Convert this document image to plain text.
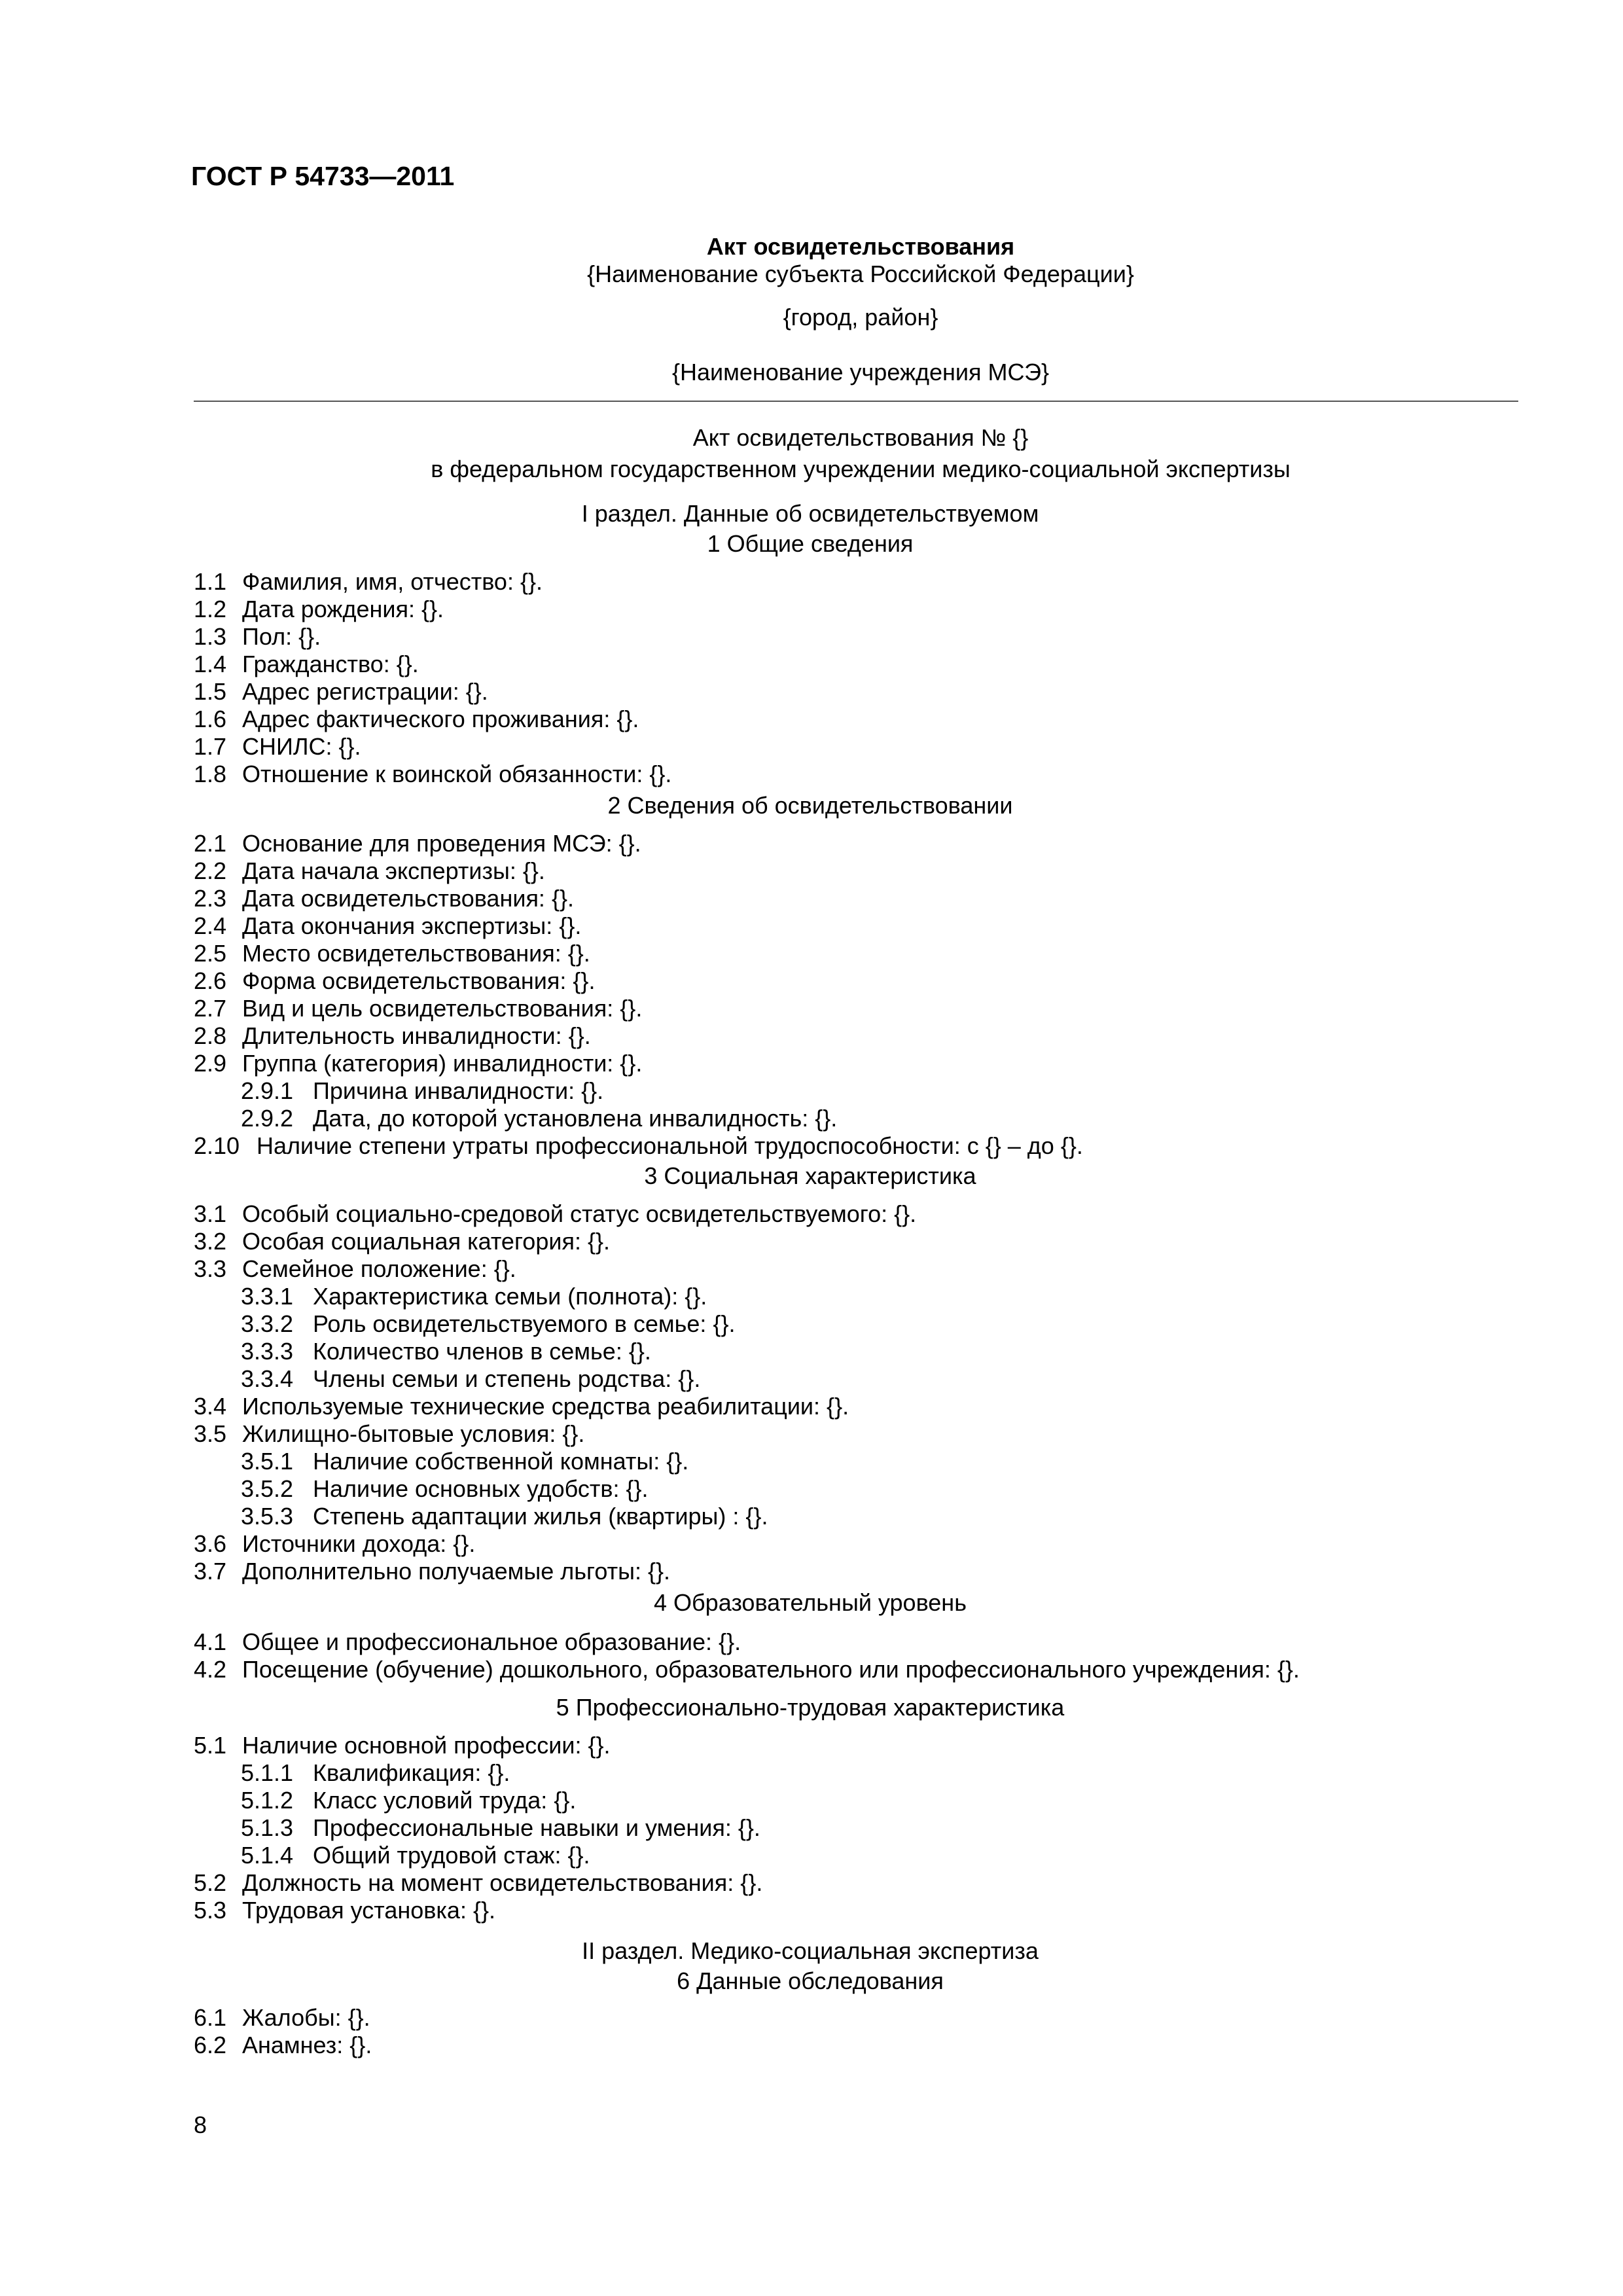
ГОСТ Р 54733—2011
Акт освидетельствования
{Наименование субъекта Российской Федерации}
{город, район}
{Наименование учреждения МСЭ}
Акт освидетельствования № {}
в федеральном государственном учреждении медико-социальной экспертизы
I раздел. Данные об освидетельствуемом
1 Общие сведения
2 Сведения об освидетельствовании
3 Социальная характеристика
4 Образовательный уровень
5 Профессионально-трудовая характеристика
II раздел. Медико-социальная экспертиза
6 Данные обследования
1.1 Фамилия, имя, отчество: {}.
1.2 Дата рождения: {}.
1.3 Пол: {}.
1.4 Гражданство: {}.
1.5 Адрес регистрации: {}.
1.6 Адрес фактического проживания: {}.
1.7 СНИЛС: {}.
1.8 Отношение к воинской обязанности: {}.
2.1 Основание для проведения МСЭ: {}.
2.2 Дата начала экспертизы: {}.
2.3 Дата освидетельствования: {}.
2.4 Дата окончания экспертизы: {}.
2.5 Место освидетельствования: {}.
2.6 Форма освидетельствования: {}.
2.7 Вид и цель освидетельствования: {}.
2.8 Длительность инвалидности: {}.
2.9 Группа (категория) инвалидности: {}.
2.9.1 Причина инвалидности: {}.
2.9.2 Дата, до которой установлена инвалидность: {}.
2.10 Наличие степени утраты профессиональной трудоспособности: с {} – до {}.
3.1 Особый социально-средовой статус освидетельствуемого: {}.
3.2 Особая социальная категория: {}.
3.3 Семейное положение: {}.
3.3.1 Характеристика семьи (полнота): {}.
3.3.2 Роль освидетельствуемого в семье: {}.
3.3.3 Количество членов в семье: {}.
3.3.4 Члены семьи и степень родства: {}.
3.4 Используемые технические средства реабилитации: {}.
3.5 Жилищно-бытовые условия: {}.
3.5.1 Наличие собственной комнаты: {}.
3.5.2 Наличие основных удобств: {}.
3.5.3 Степень адаптации жилья (квартиры) : {}.
3.6 Источники дохода: {}.
3.7 Дополнительно получаемые льготы: {}.
4.1 Общее и профессиональное образование: {}.
4.2 Посещение (обучение) дошкольного, образовательного или профессионального учреждения: {}.
5.1 Наличие основной профессии: {}.
5.1.1 Квалификация: {}.
5.1.2 Класс условий труда: {}.
5.1.3 Профессиональные навыки и умения: {}.
5.1.4 Общий трудовой стаж: {}.
5.2 Должность на момент освидетельствования: {}.
5.3 Трудовая установка: {}.
6.1 Жалобы: {}.
6.2 Анамнез: {}.
8
